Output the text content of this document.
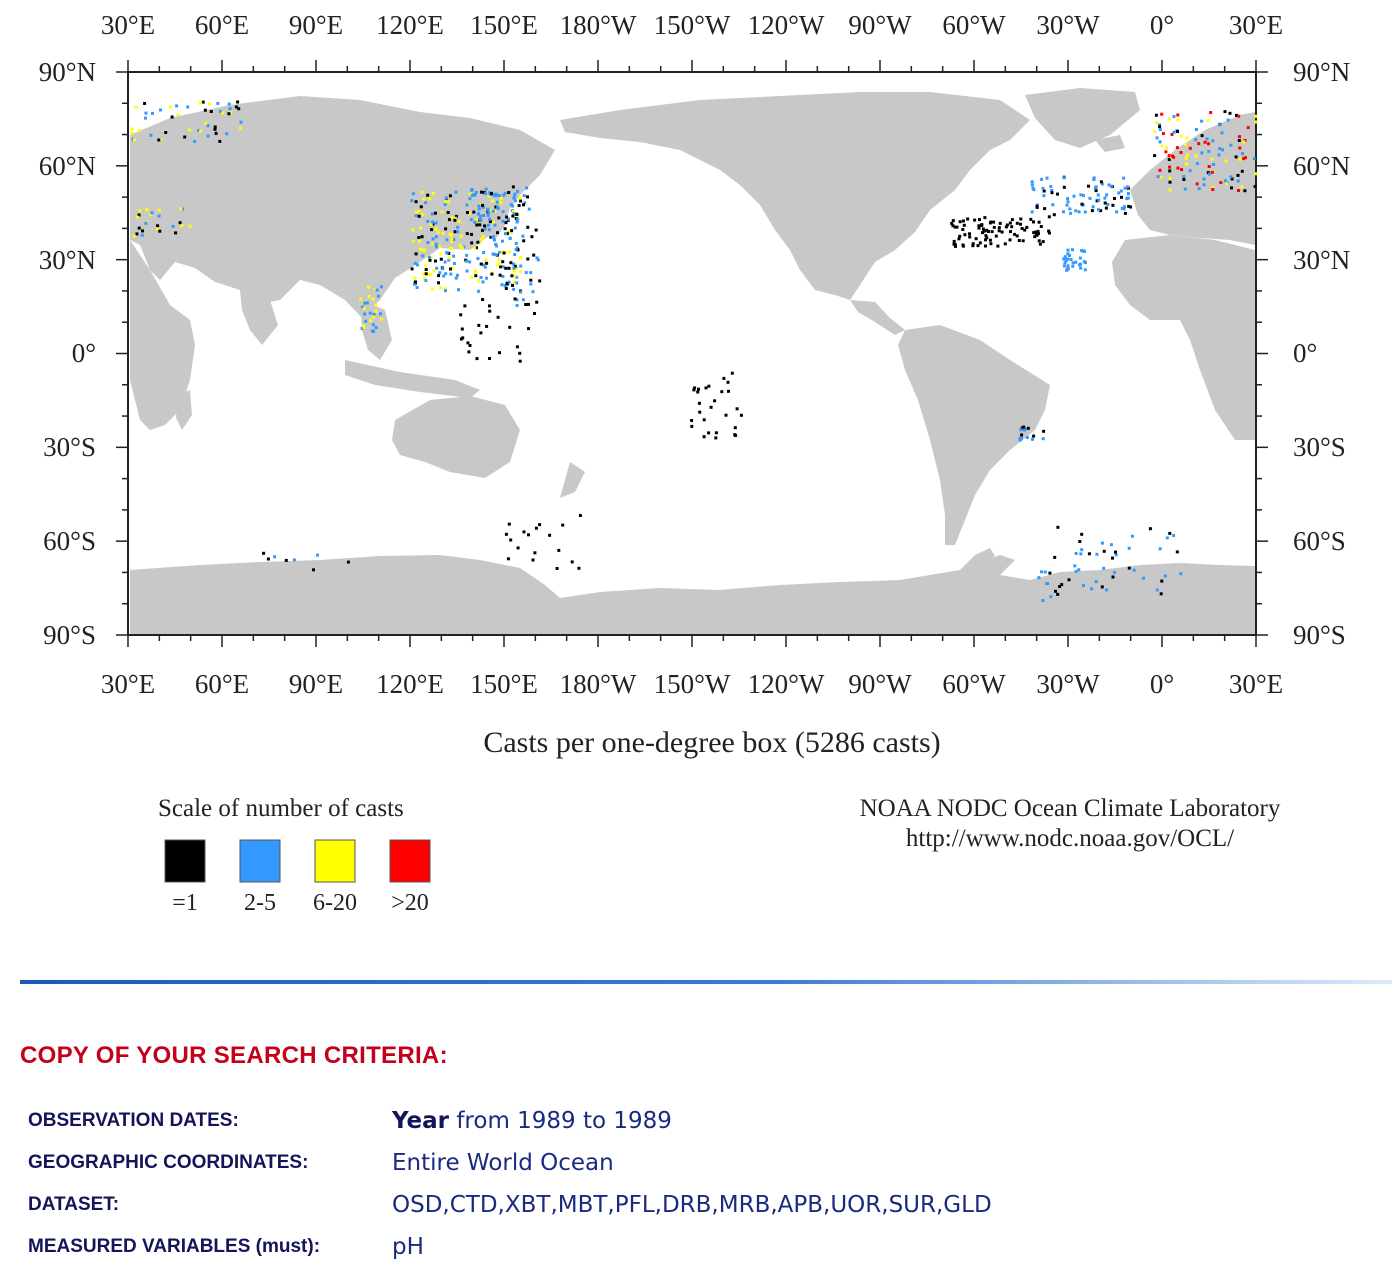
30°E 60°E 90°E 120°E 150°E 180°W 150°W 120°W 90°W 60°W 30°W 0° 30°E
30°E 60°E 90°E 120°E 150°E 180°W 150°W 120°W 90°W 60°W 30°W 0° 30°E
90°N
60°N
30°N
0°
30°S
60°S
90°S
90°N
60°N
30°N
0°
30°S
60°S
90°S
Casts per one-degree box (5286 casts)
Scale of number of casts
=1 2-5 6-20 >20
NOAA NODC Ocean Climate Laboratory
http://www.nodc.noaa.gov/OCL/
COPY OF YOUR SEARCH CRITERIA:
OBSERVATION DATES:	Year from 1989 to 1989
GEOGRAPHIC COORDINATES:	Entire World Ocean
DATASET:	OSD,CTD,XBT,MBT,PFL,DRB,MRB,APB,UOR,SUR,GLD
MEASURED VARIABLES (must):	pH
